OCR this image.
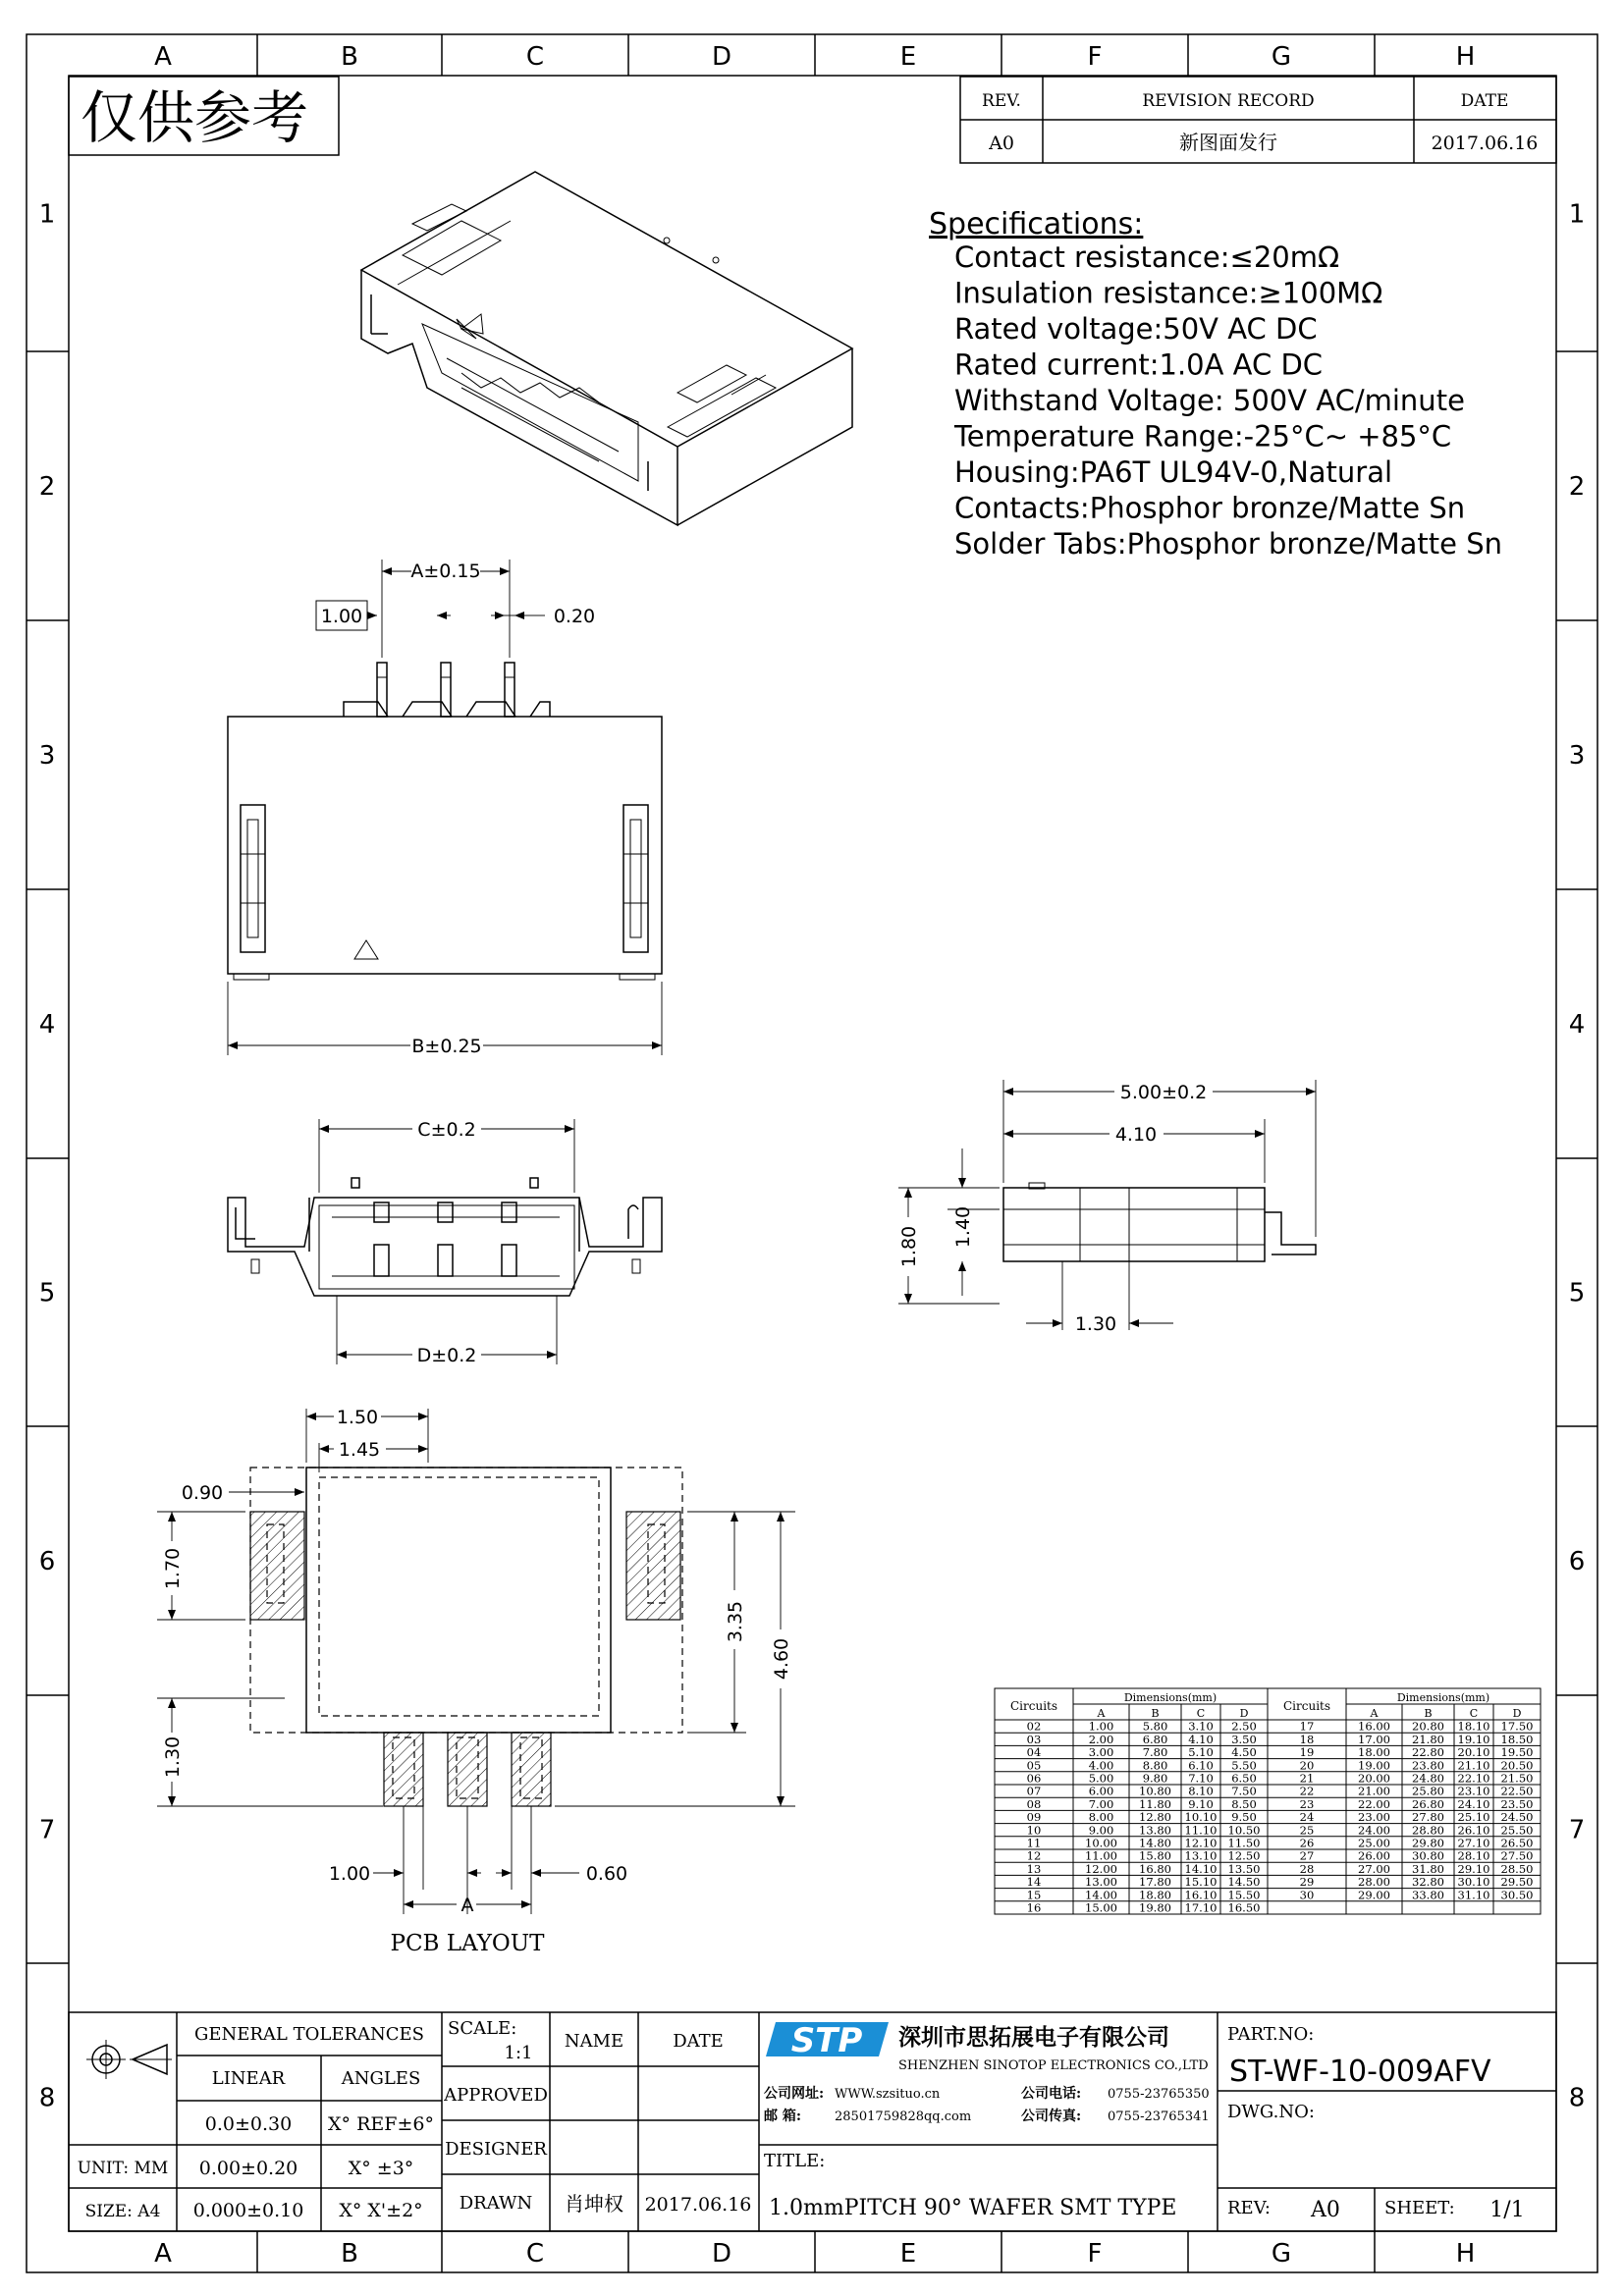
A
A
B
B
C
C
D
D
E
E
F
F
G
G
H
H
1	1
2	2
3	3
4	4
5	5
6	6
7	7
8	8
仅供参考	REV.	REVISION RECORD	DATE
A0	新图面发行	2017.06.16
Specifications:
Contact resistance:≤20mΩ
Insulation resistance:≥100MΩ
Rated voltage:50V AC DC
Rated current:1.0A AC DC
Withstand Voltage: 500V AC/minute
Temperature Range:-25°C~ +85°C
Housing:PA6T UL94V-0,Natural
Contacts:Phosphor bronze/Matte Sn
Solder Tabs:Phosphor bronze/Matte Sn
A±0.15
1.00	0.20
B±0.25
C±0.2
D±0.2
5.00±0.2
4.10
1.80 1.40
1.30
1.50
1.45
0.90
1.70
1.30
3.35
4.60
1.00	0.60
A
PCB LAYOUT
A	B	C	D
Circuits
Dimensions(mm)
02	1.00	5.80 3.10 2.50
03	2.00	6.80 4.10 3.50
04	3.00	7.80 5.10 4.50
05	4.00	8.80 6.10 5.50
06	5.00	9.80 7.10 6.50
07	6.00 10.80 8.10 7.50
08	7.00 11.80 9.10 8.50
09	8.00 12.80 10.10 9.50
10	9.00 13.80 11.10 10.50
11	10.00 14.80 12.10 11.50
12	11.00 15.80 13.10 12.50
13	12.00 16.80 14.10 13.50
14	13.00 17.80 15.10 14.50
15	14.00 18.80 16.10 15.50
16	15.00 19.80 17.10 16.50
A	B	C	D
Circuits
Dimensions(mm)
17	16.00 20.80 18.10 17.50
18	17.00 21.80 19.10 18.50
19	18.00 22.80 20.10 19.50
20	19.00 23.80 21.10 20.50
21	20.00 24.80 22.10 21.50
22	21.00 25.80 23.10 22.50
23	22.00 26.80 24.10 23.50
24	23.00 27.80 25.10 24.50
25	24.00 28.80 26.10 25.50
26	25.00 29.80 27.10 26.50
27	26.00 30.80 28.10 27.50
28	27.00 31.80 29.10 28.50
29	28.00 32.80 30.10 29.50
30	29.00 33.80 31.10 30.50
GENERAL TOLERANCES
LINEAR	ANGLES
0.0±0.30 X° REF±6°
0.00±0.20	X° ±3°
0.000±0.10 X° X'±2°
UNIT: MM
SIZE: A4
SCALE:
1:1
NAME	DATE
APPROVED
DESIGNER
DRAWN 肖坤权 2017.06.16
STP 深圳市思拓展电子有限公司
SHENZHEN SINOTOP ELECTRONICS CO.,LTD
公司网址: WWW.szsituo.cn	公司电话: 0755-23765350
邮 箱:	28501759828qq.com	公司传真: 0755-23765341
TITLE:
1.0mmPITCH 90° WAFER SMT TYPE
PART.NO:
ST-WF-10-009AFV
DWG.NO:
REV: A0	SHEET: 1/1
